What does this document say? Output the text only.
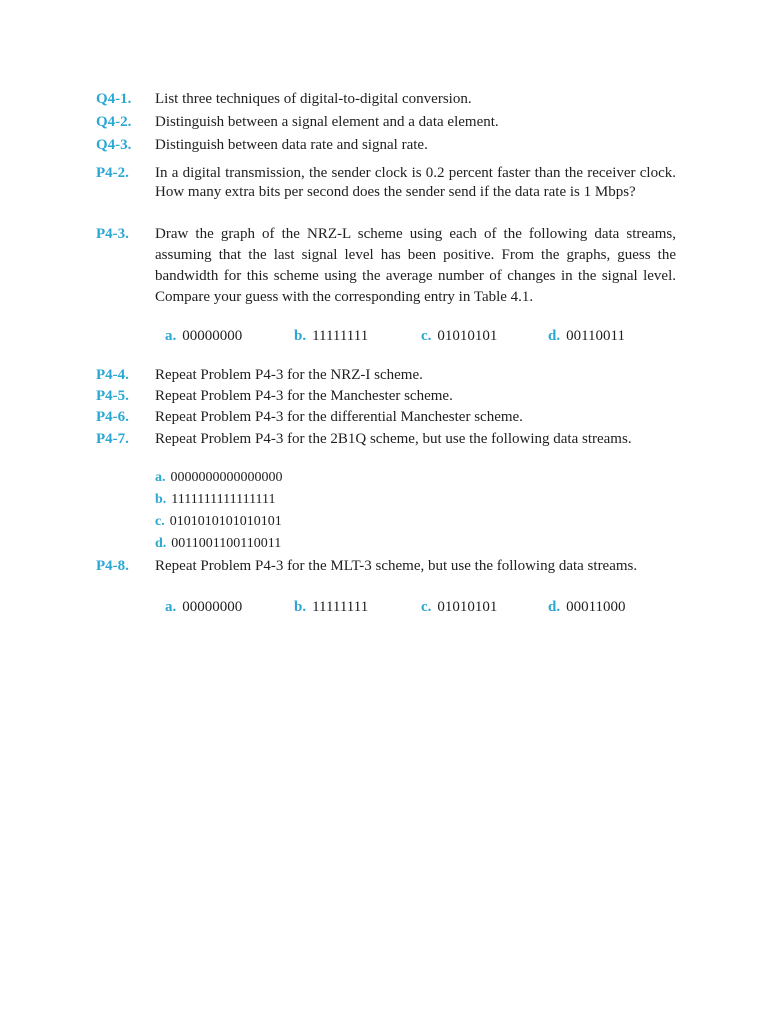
Q4-1. List three techniques of digital-to-digital conversion.
Q4-2. Distinguish between a signal element and a data element.
Q4-3. Distinguish between data rate and signal rate.
P4-2. In a digital transmission, the sender clock is 0.2 percent faster than the receiver clock. How many extra bits per second does the sender send if the data rate is 1 Mbps?
P4-3. Draw the graph of the NRZ-L scheme using each of the following data streams, assuming that the last signal level has been positive. From the graphs, guess the bandwidth for this scheme using the average number of changes in the signal level. Compare your guess with the corresponding entry in Table 4.1.
a. 00000000	b. 11111111	c. 01010101	d. 00110011
P4-4. Repeat Problem P4-3 for the NRZ-I scheme.
P4-5. Repeat Problem P4-3 for the Manchester scheme.
P4-6. Repeat Problem P4-3 for the differential Manchester scheme.
P4-7. Repeat Problem P4-3 for the 2B1Q scheme, but use the following data streams.
a. 0000000000000000
b. 1111111111111111
c. 0101010101010101
d. 0011001100110011
P4-8. Repeat Problem P4-3 for the MLT-3 scheme, but use the following data streams.
a. 00000000	b. 11111111	c. 01010101	d. 00011000
